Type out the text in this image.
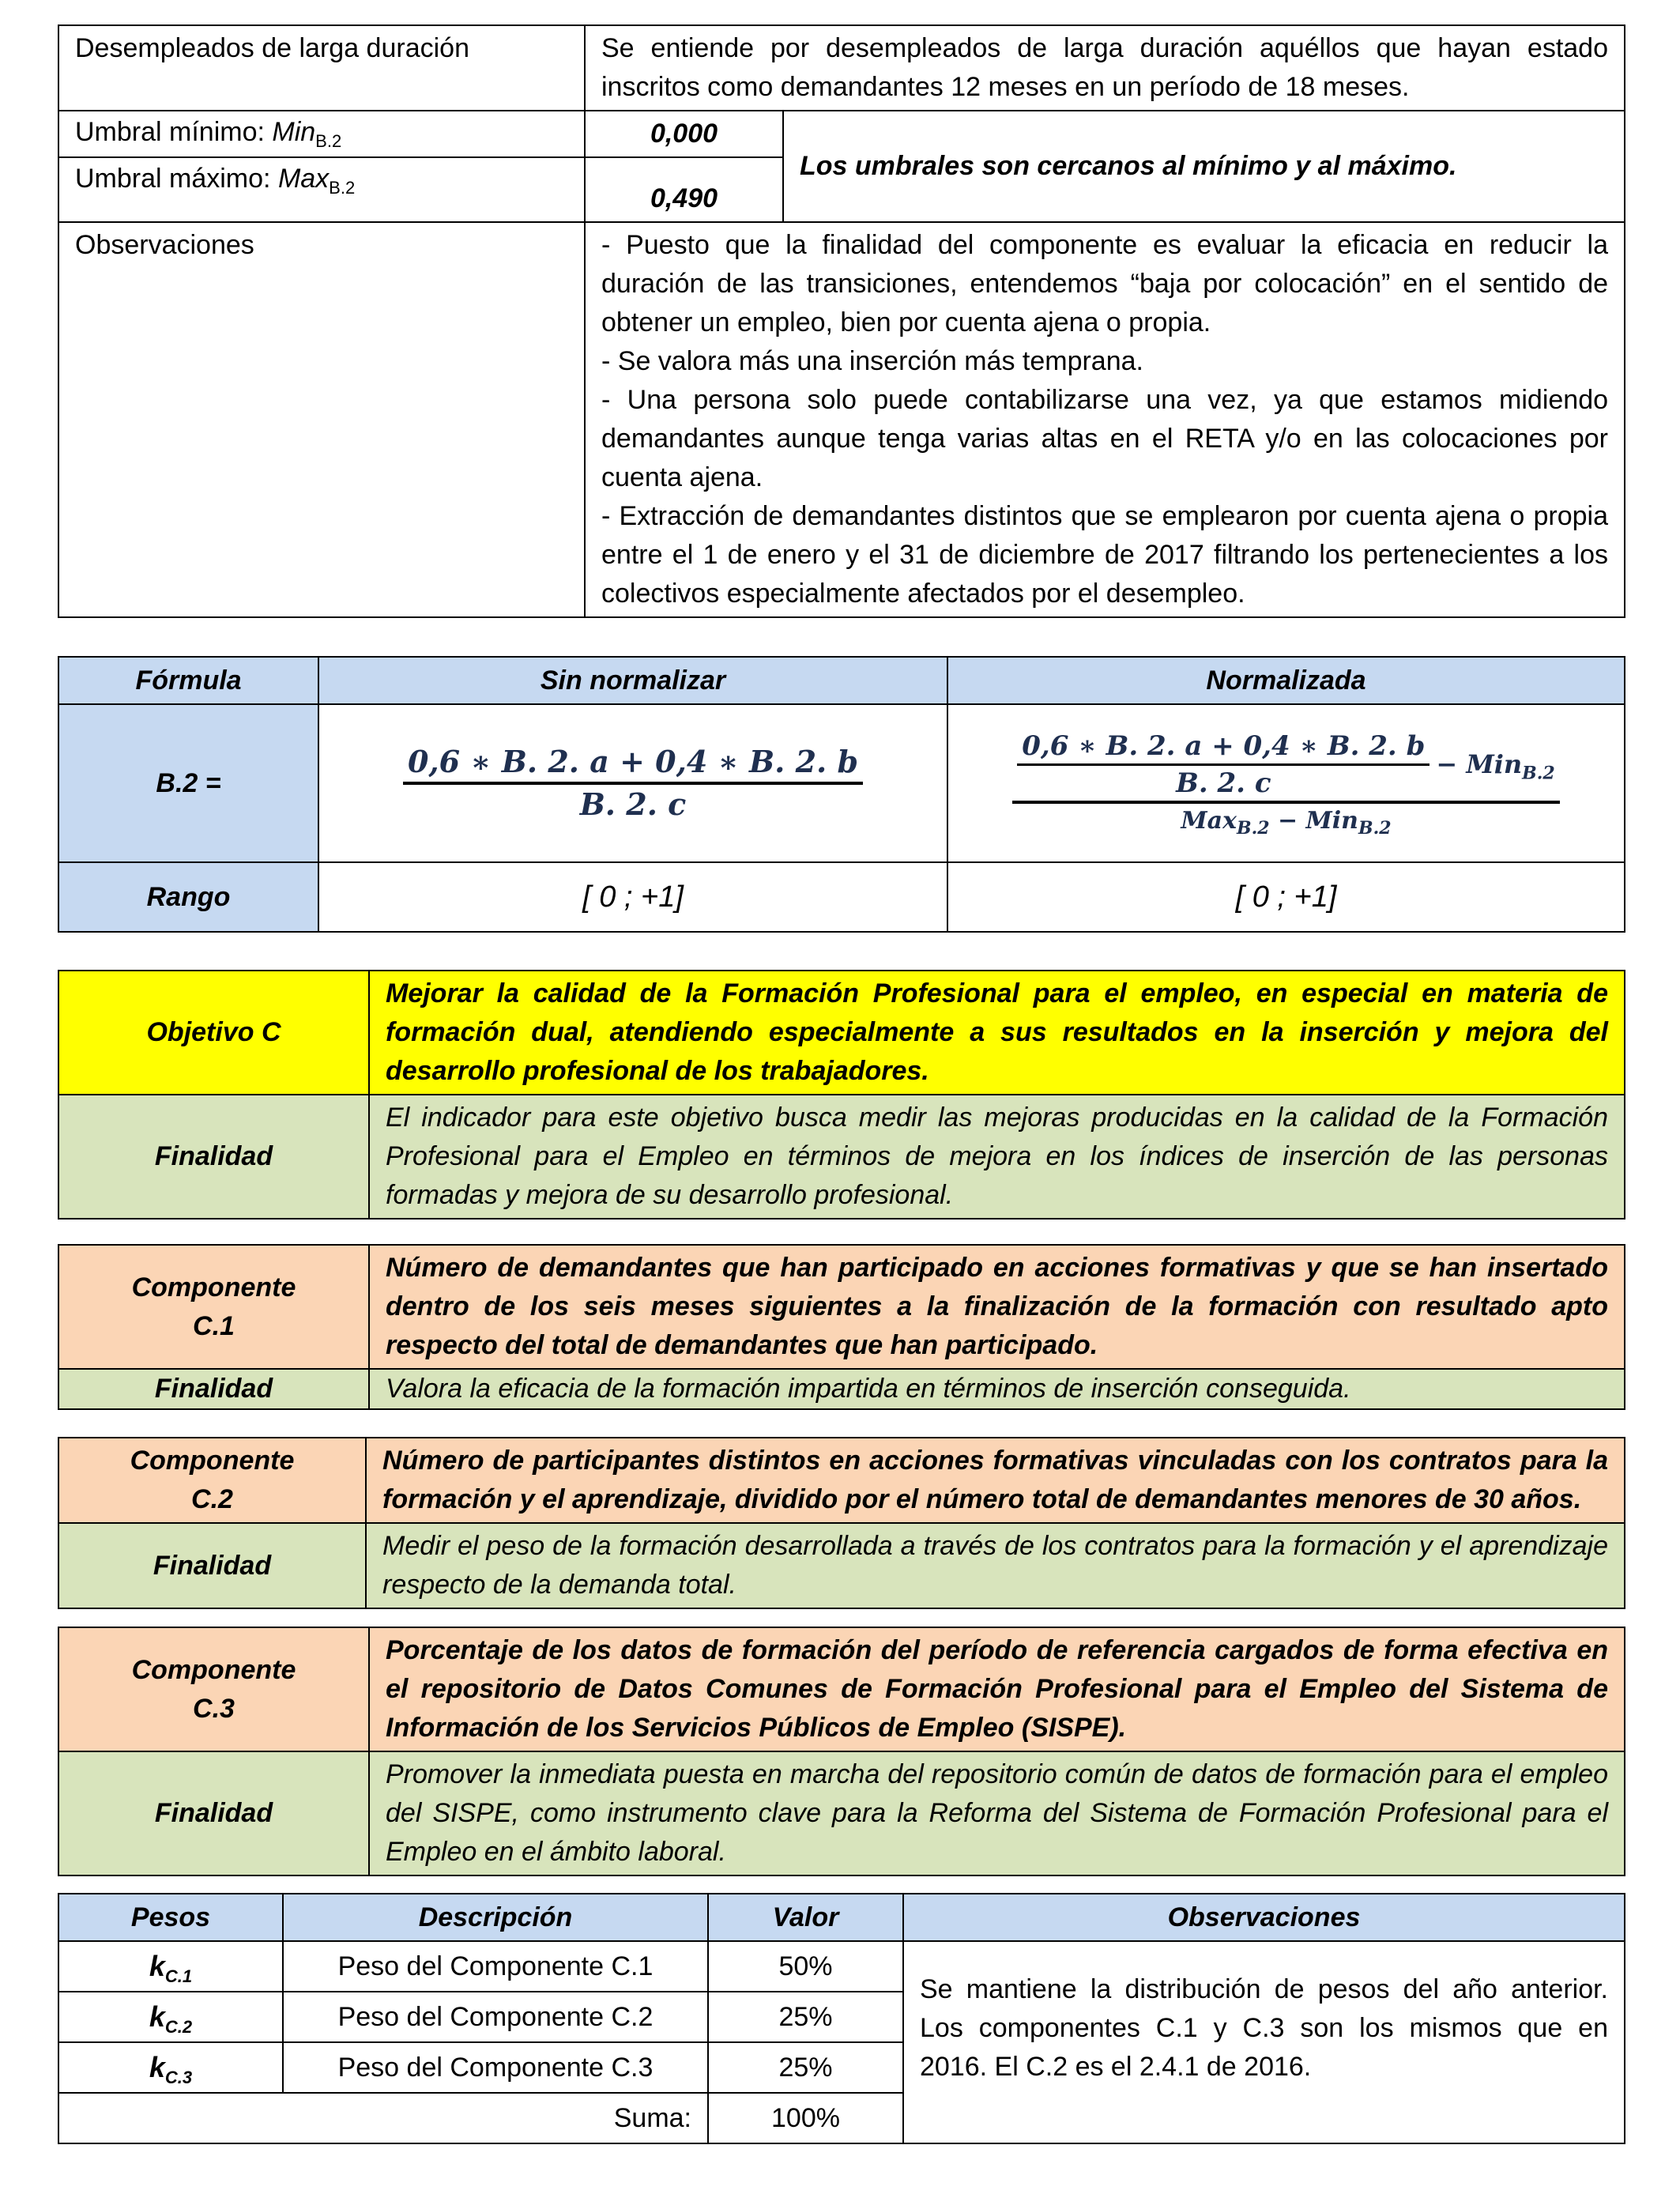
Desempleados de larga duración	Se entiende por desempleados de larga duración aquéllos que hayan estado inscritos como demandantes 12 meses en un período de 18 meses.	
Umbral mínimo: Min$_{B.2}$	0,000	Los umbrales son cercanos al mínimo y al máximo.
Umbral máximo: Max$_{B.2}$	0,490	
Observaciones	- Puesto que la finalidad del componente es evaluar la eficacia en reducir la duración de las transiciones, entendemos “baja por colocación” en el sentido de obtener un empleo, bien por cuenta ajena o propia.
- Se valora más una inserción más temprana.
- Una persona solo puede contabilizarse una vez, ya que estamos midiendo demandantes aunque tenga varias altas en el RETA y/o en las colocaciones por cuenta ajena.
- Extracción de demandantes distintos que se emplearon por cuenta ajena o propia entre el 1 de enero y el 31 de diciembre de 2017 filtrando los pertenecientes a los colectivos especialmente afectados por el desempleo.	
Fórmula	Sin normalizar	Normalizada
B.2 =	$\frac{0,6 ∗ B. 2. a + 0,4 ∗ B. 2. b}{B. 2. c}$	$\frac{0,6 ∗ B. 2. a + 0,4 ∗ B. 2. b}{B. 2. c} - Min_{B.2}$
Max$_{B.2}$ − Min$_{B.2}$

Rango	[ 0 ; +1]	[ 0 ; +1]
Objetivo C	Mejorar la calidad de la Formación Profesional para el empleo, en especial en materia de formación dual, atendiendo especialmente a sus resultados en la inserción y mejora del desarrollo profesional de los trabajadores.
Finalidad	El indicador para este objetivo busca medir las mejoras producidas en la calidad de la Formación Profesional para el Empleo en términos de mejora en los índices de inserción de las personas formadas y mejora de su desarrollo profesional.
Componente
C.1	Número de demandantes que han participado en acciones formativas y que se han insertado dentro de los seis meses siguientes a la finalización de la formación con resultado apto respecto del total de demandantes que han participado.
Finalidad	Valora la eficacia de la formación impartida en términos de inserción conseguida.
Componente
C.2	Número de participantes distintos en acciones formativas vinculadas con los contratos para la formación y el aprendizaje, dividido por el número total de demandantes menores de 30 años.
Finalidad	Medir el peso de la formación desarrollada a través de los contratos para la formación y el aprendizaje respecto de la demanda total.
Componente
C.3	Porcentaje de los datos de formación del período de referencia cargados de forma efectiva en el repositorio de Datos Comunes de Formación Profesional para el Empleo del Sistema de Información de los Servicios Públicos de Empleo (SISPE).
Finalidad	Promover la inmediata puesta en marcha del repositorio común de datos de formación para el empleo del SISPE, como instrumento clave para la Reforma del Sistema de Formación Profesional para el Empleo en el ámbito laboral.
Pesos	Descripción	Valor	Observaciones
$k_{C.1}$	Peso del Componente C.1	50%	Se mantiene la distribución de pesos del año anterior. Los componentes C.1 y C.3 son los mismos que en 2016. El C.2 es el 2.4.1 de 2016.
$k_{C.2}$	Peso del Componente C.2	25%	
$k_{C.3}$	Peso del Componente C.3	25%	
Suma:		100%	
